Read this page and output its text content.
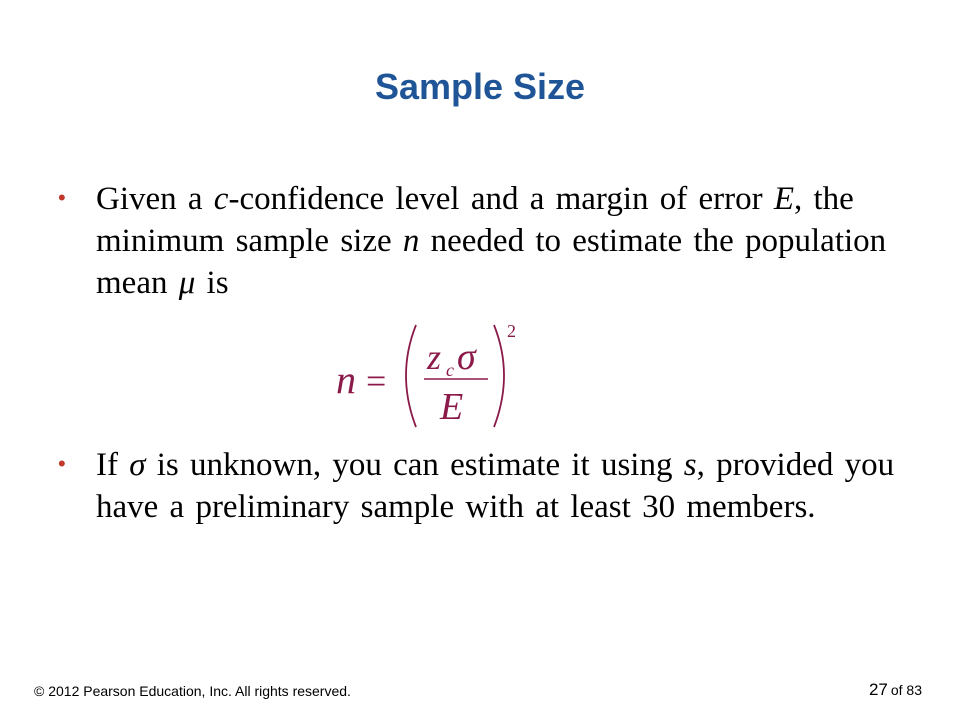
Sample Size
• Given a c-confidence level and a margin of error E, the minimum sample size n needed to estimate the population mean μ is
n =
z c σ
E
2
• If σ is unknown, you can estimate it using s, provided you have a preliminary sample with at least 30 members.
© 2012 Pearson Education, Inc. All rights reserved.	27 of 83
